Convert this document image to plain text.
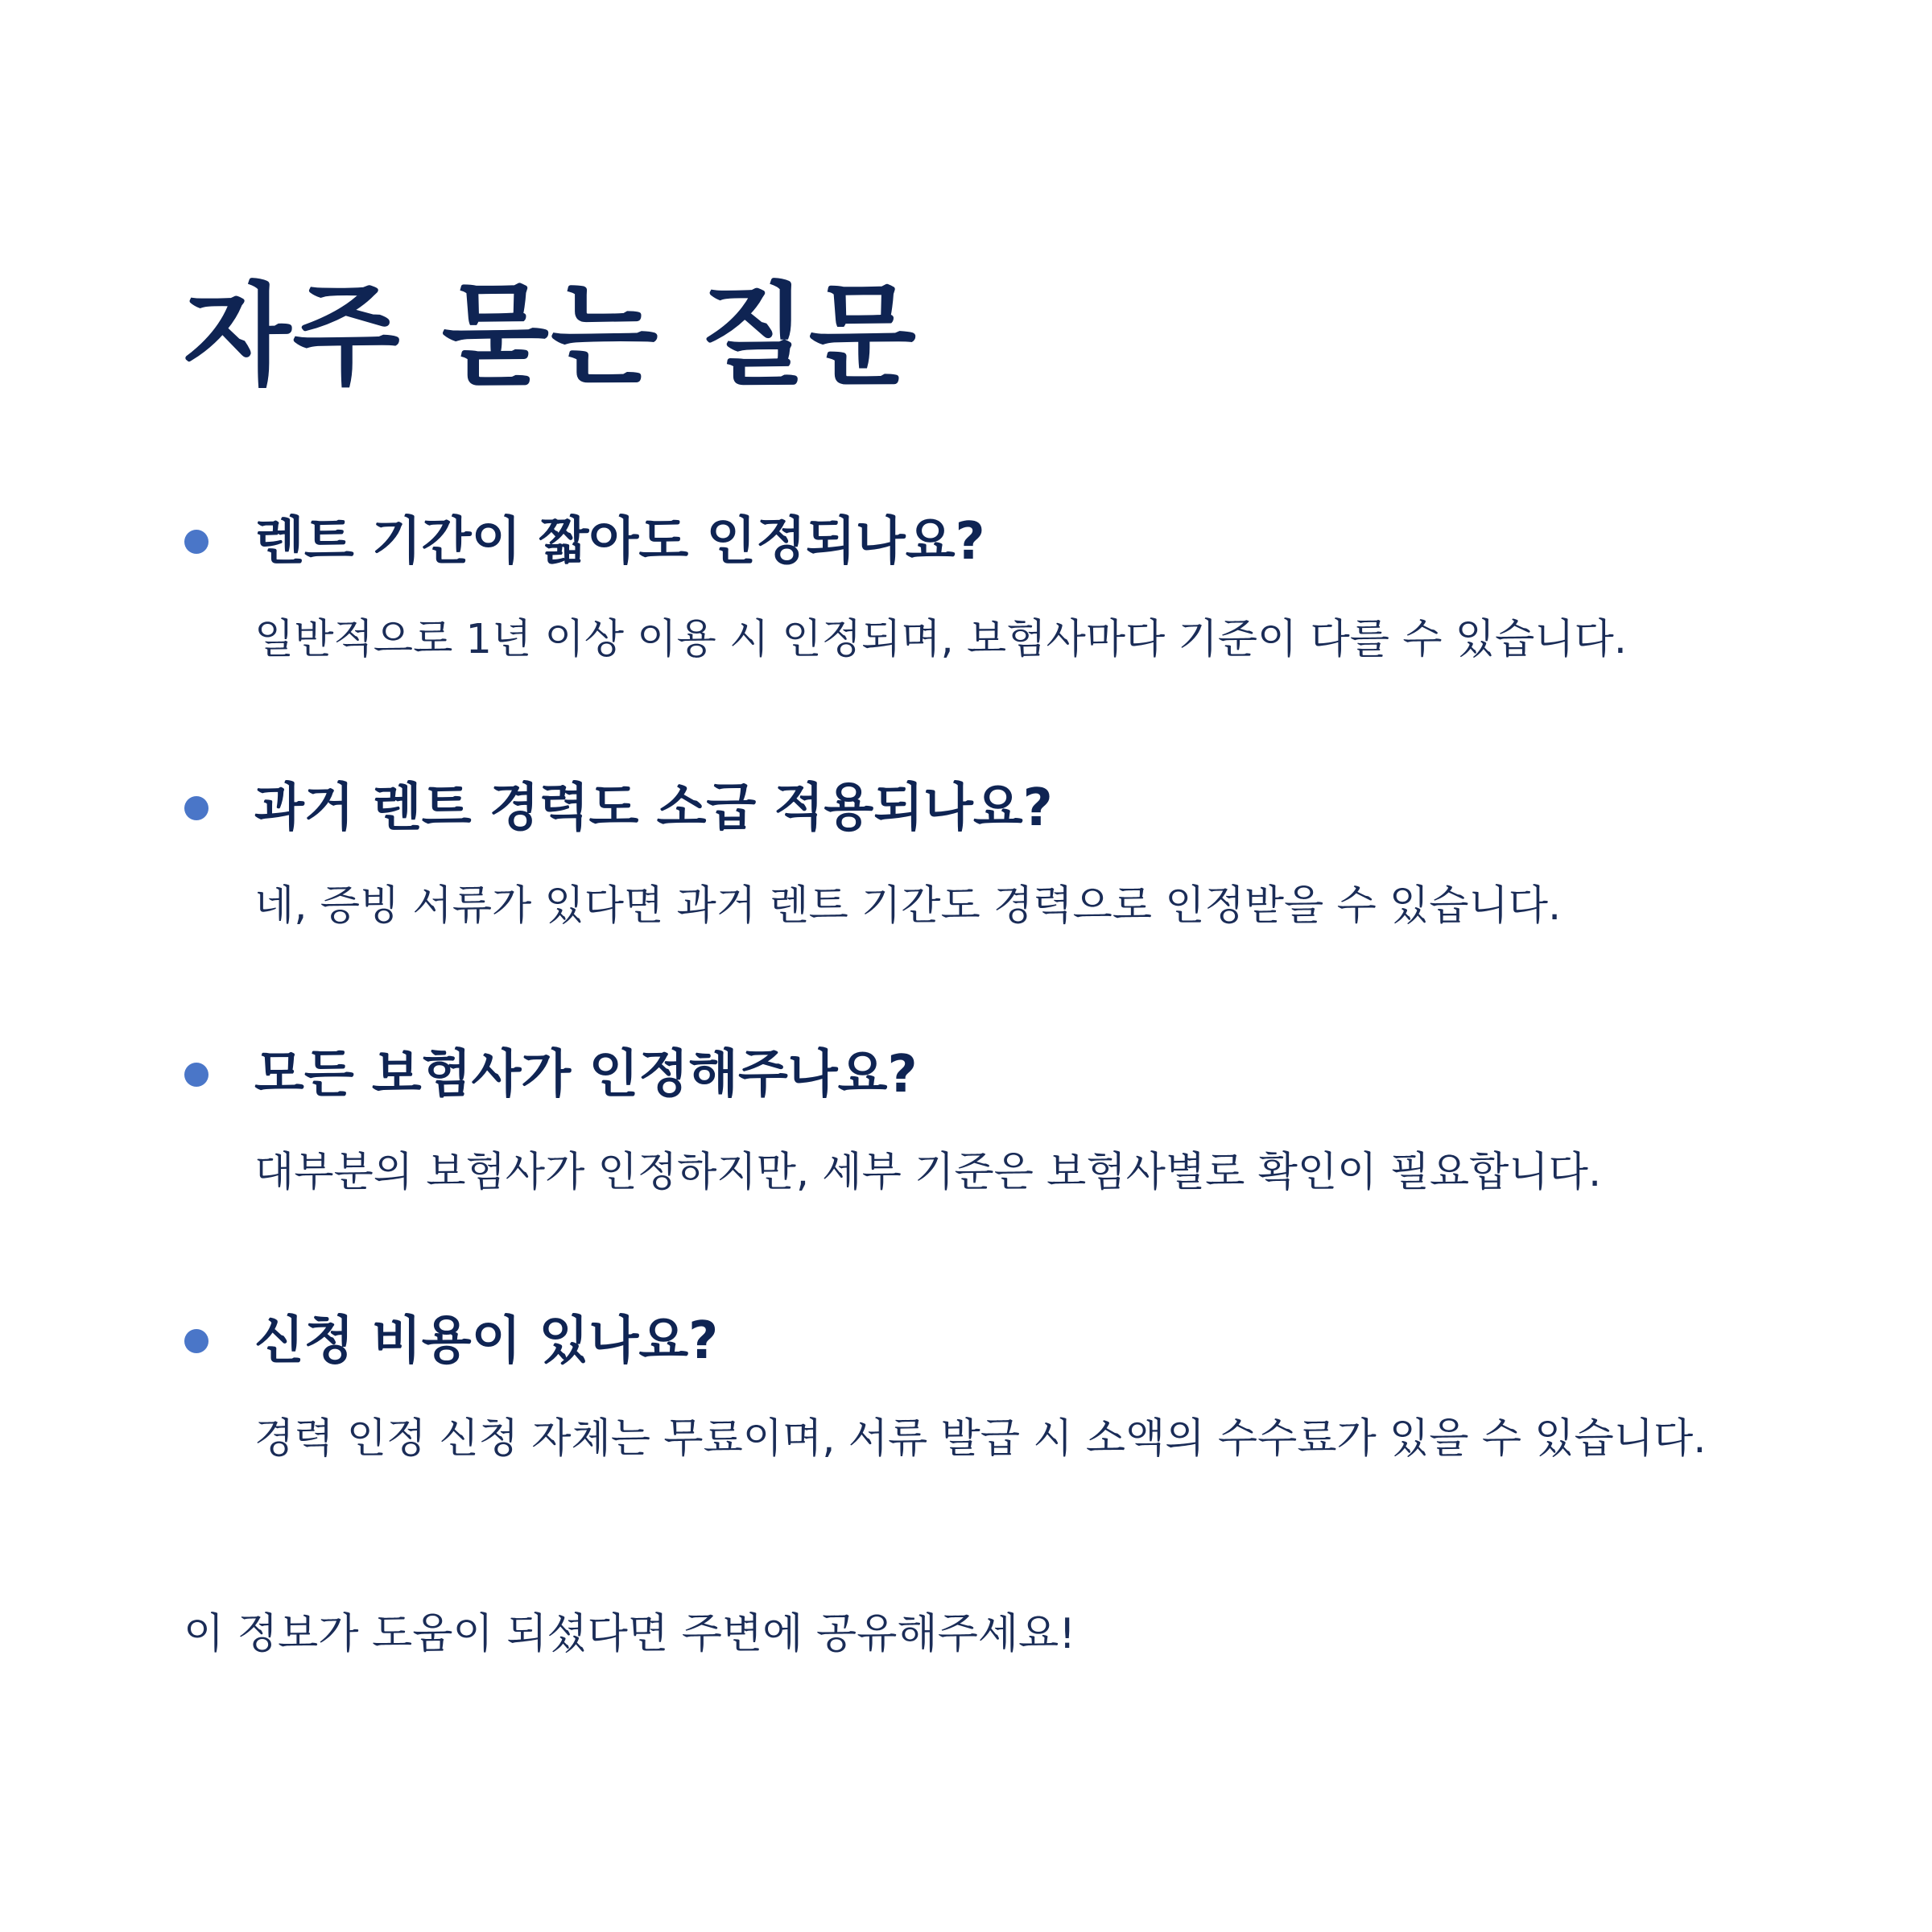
자주 묻는 질문
렌트 기간이 짧아도 인정되나요?

일반적으로 1년 이상 이용 시 인정되며, 보험사마다 기준이 다를 수 있습니다.

과거 렌트 경력도 소급 적용되나요?

네, 증빙 서류가 있다면 과거 렌트 기간도 경력으로 인정받을 수 있습니다.

모든 보험사가 인정해주나요?

대부분의 보험사가 인정하지만, 세부 기준은 보험사별로 확인이 필요합니다.

신청 비용이 있나요?

경력 인정 신청 자체는 무료이며, 서류 발급 시 소액의 수수료가 있을 수 있습니다.

이 정보가 도움이 되셨다면 주변에 공유해주세요!
